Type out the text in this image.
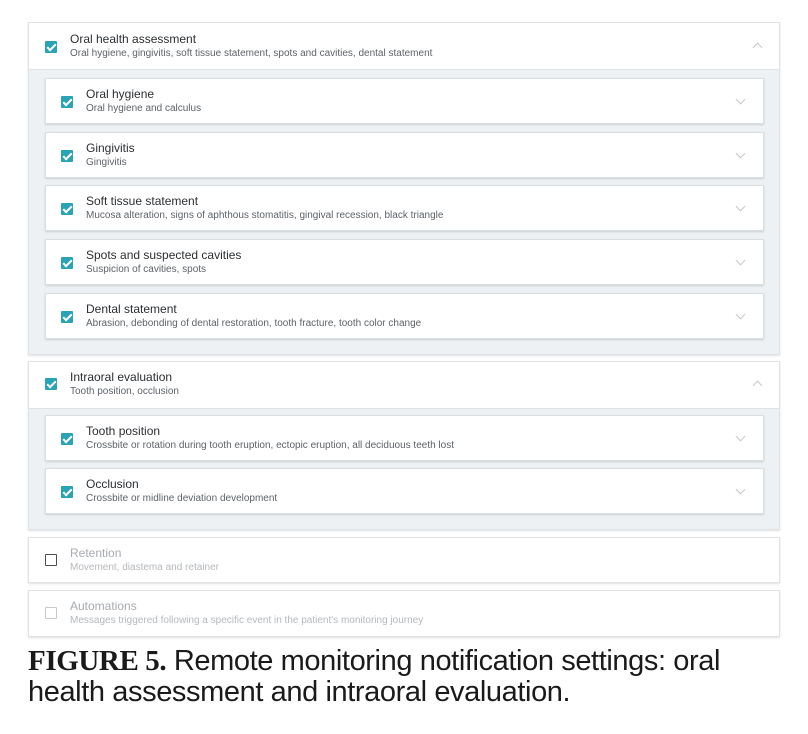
Oral health assessment
Oral hygiene, gingivitis, soft tissue statement, spots and cavities, dental statement
Oral hygiene
Oral hygiene and calculus
Gingivitis
Gingivitis
Soft tissue statement
Mucosa alteration, signs of aphthous stomatitis, gingival recession, black triangle
Spots and suspected cavities
Suspicion of cavities, spots
Dental statement
Abrasion, debonding of dental restoration, tooth fracture, tooth color change
Intraoral evaluation
Tooth position, occlusion
Tooth position
Crossbite or rotation during tooth eruption, ectopic eruption, all deciduous teeth lost
Occlusion
Crossbite or midline deviation development
Retention
Movement, diastema and retainer
Automations
Messages triggered following a specific event in the patient's monitoring journey
FIGURE 5. Remote monitoring notification settings: oral health assessment and intraoral evaluation.
